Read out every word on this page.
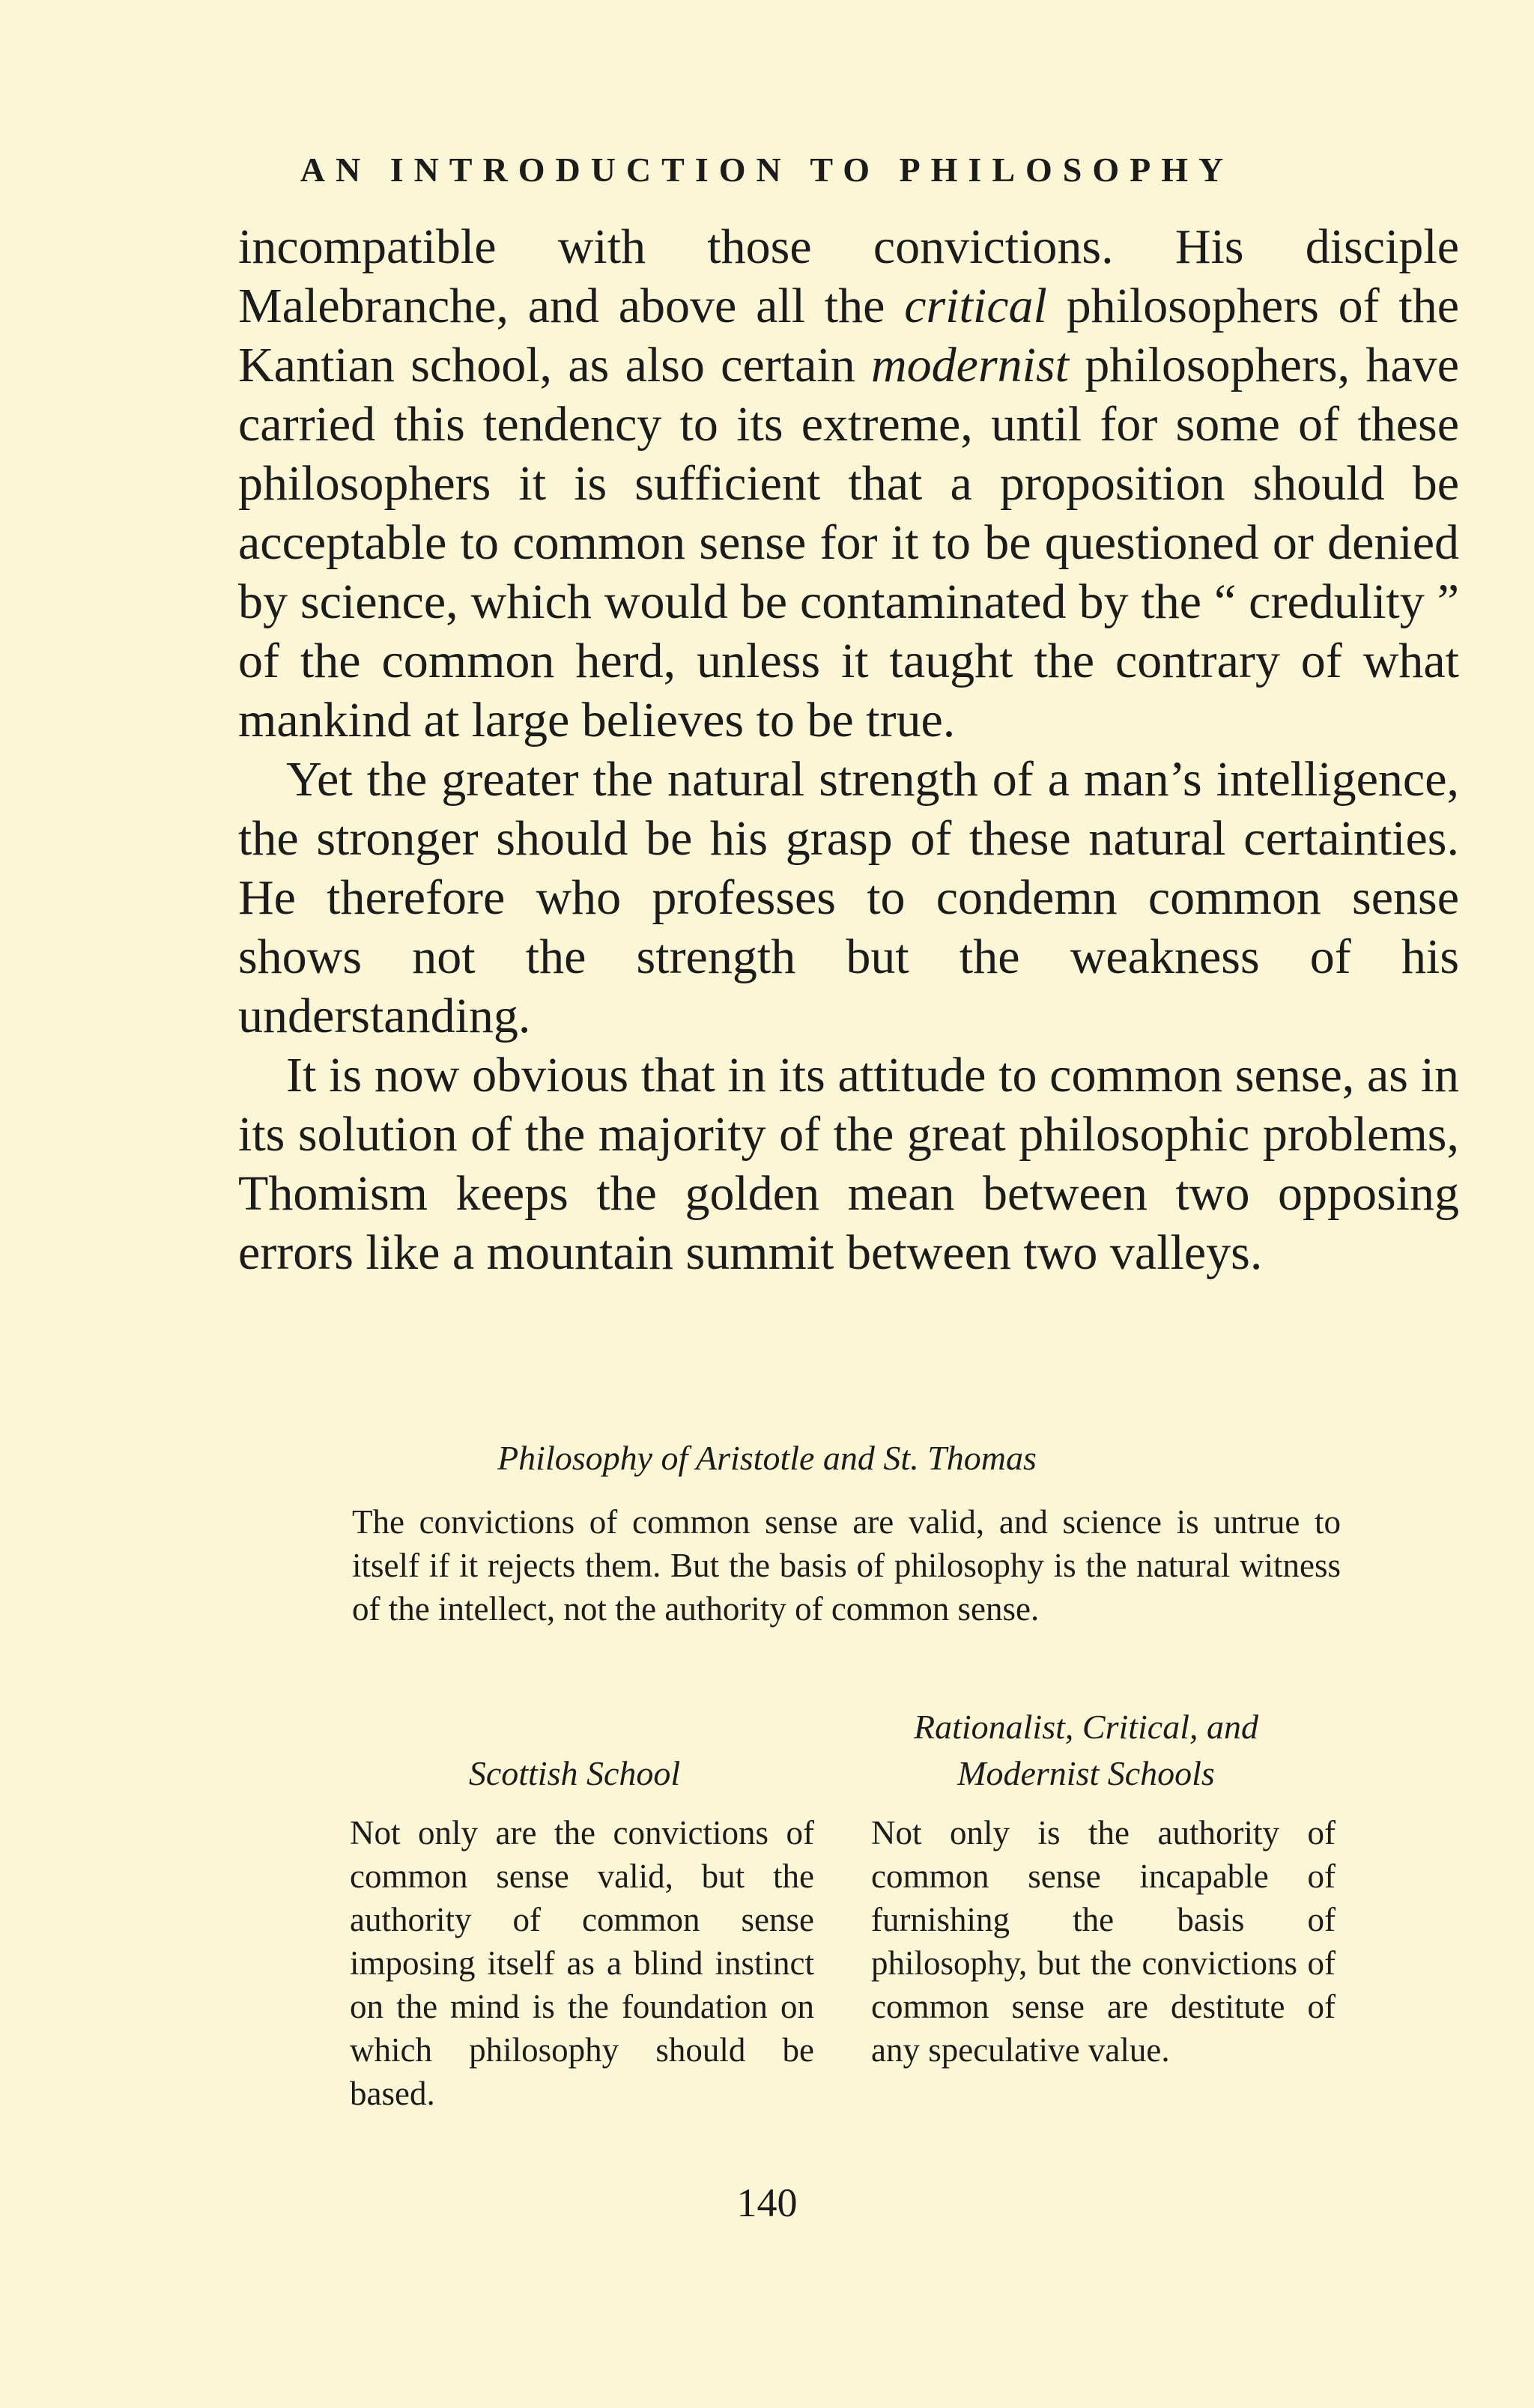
AN INTRODUCTION TO PHILOSOPHY

incompatible with those convictions. His disciple Malebranche, and above all the critical philosophers of the Kantian school, as also certain modernist philosophers, have carried this tendency to its extreme, until for some of these philosophers it is sufficient that a proposition should be acceptable to common sense for it to be questioned or denied by science, which would be contaminated by the “ credulity ” of the common herd, unless it taught the contrary of what mankind at large believes to be true.

Yet the greater the natural strength of a man’s intelligence, the stronger should be his grasp of these natural certainties. He therefore who professes to condemn common sense shows not the strength but the weakness of his understanding.

It is now obvious that in its attitude to common sense, as in its solution of the majority of the great philosophic problems, Thomism keeps the golden mean between two opposing errors like a mountain summit between two valleys.

Philosophy of Aristotle and St. Thomas
The convictions of common sense are valid, and science is untrue to itself if it rejects them. But the basis of philosophy is the natural witness of the intellect, not the authority of common sense.
Scottish School
Rationalist, Critical, and
Modernist Schools
Not only are the convictions of common sense valid, but the authority of common sense imposing itself as a blind instinct on the mind is the foundation on which philosophy should be based.
Not only is the authority of common sense incapable of furnishing the basis of philosophy, but the convictions of common sense are destitute of any speculative value.
140
